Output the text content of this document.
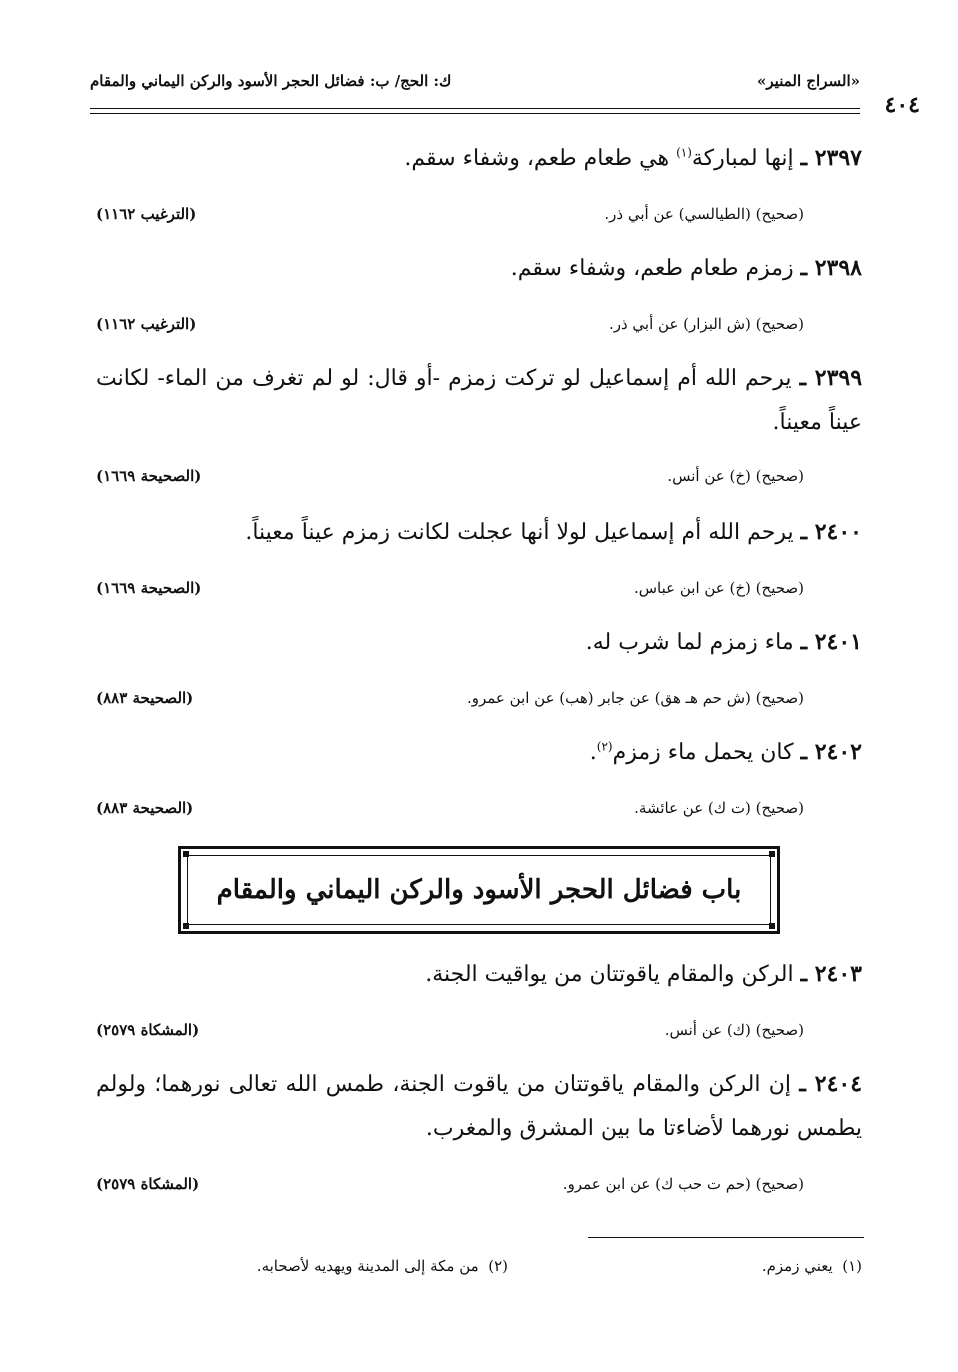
«السراج المنير»
ك: الحج/ ب: فضائل الحجر الأسود والركن اليماني والمقام
٤٠٤
٢٣٩٧ ـ إنها لمباركة$^{(١)}$ هي طعام طعم، وشفاء سقم.
(صحيح) (الطيالسي) عن أبي ذر.
(الترغيب ١١٦٢)
٢٣٩٨ ـ زمزم طعام طعم، وشفاء سقم.
(صحيح) (ش البزار) عن أبي ذر.
(الترغيب ١١٦٢)
٢٣٩٩ ـ يرحم الله أم إسماعيل لو تركت زمزم -أو قال: لو لم تغرف من الماء- لكانت عيناً معيناً.
(صحيح) (خ) عن أنس.
(الصحيحة ١٦٦٩)
٢٤٠٠ ـ يرحم الله أم إسماعيل لولا أنها عجلت لكانت زمزم عيناً معيناً.
(صحيح) (خ) عن ابن عباس.
(الصحيحة ١٦٦٩)
٢٤٠١ ـ ماء زمزم لما شرب له.
(صحيح) (ش حم هـ هق) عن جابر (هب) عن ابن عمرو.
(الصحيحة ٨٨٣)
٢٤٠٢ ـ كان يحمل ماء زمزم$^{(٢)}$.
(صحيح) (ت ك) عن عائشة.
(الصحيحة ٨٨٣)
باب فضائل الحجر الأسود والركن اليماني والمقام
٢٤٠٣ ـ الركن والمقام ياقوتتان من يواقيت الجنة.
(صحيح) (ك) عن أنس.
(المشكاة ٢٥٧٩)
٢٤٠٤ ـ إن الركن والمقام ياقوتتان من ياقوت الجنة، طمس الله تعالى نورهما؛ ولولم يطمس نورهما لأضاءتا ما بين المشرق والمغرب.
(صحيح) (حم ت حب ك) عن ابن عمرو.
(المشكاة ٢٥٧٩)
(١)  يعني زمزم.
(٢)  من مكة إلى المدينة ويهديه لأصحابه.
